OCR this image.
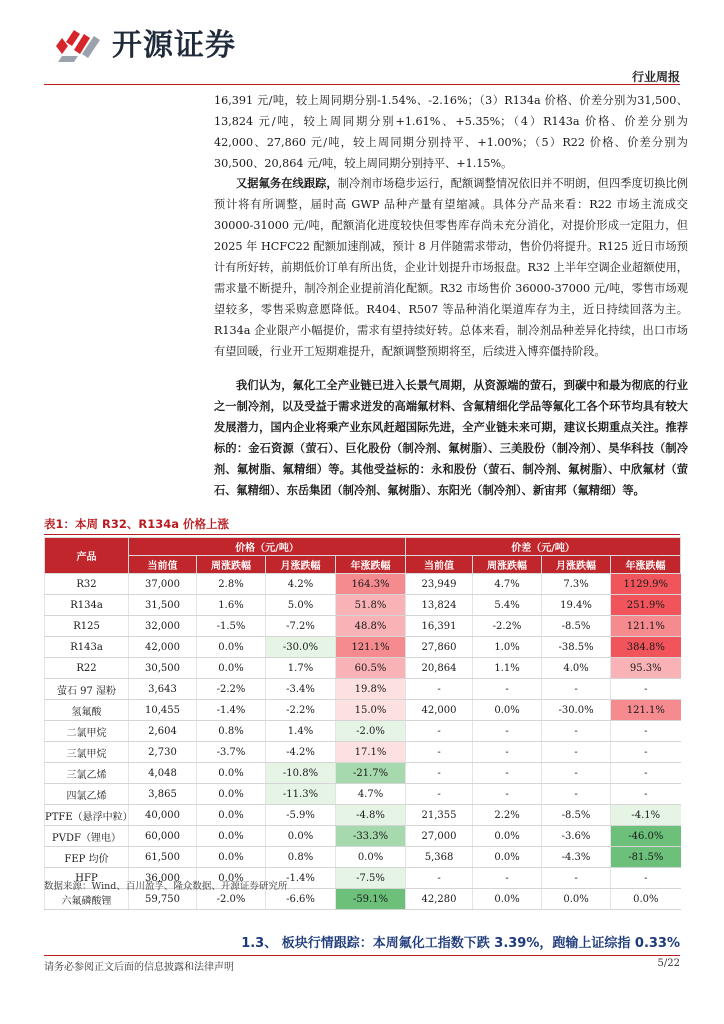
开源证券
行业周报
16,391 元/吨，较上周同期分别-1.54%、-2.16%；（3）R134a 价格、价差分别为31,500、13,824 元/吨，较上周同期分别+1.61%、+5.35%；（4）R143a 价格、价差分别为 42,000、27,860 元/吨，较上周同期分别持平、+1.00%；（5）R22 价格、价差分别为 30,500、20,864 元/吨，较上周同期分别持平、+1.15%。
又据氟务在线跟踪，制冷剂市场稳步运行，配额调整情况依旧并不明朗，但四季度切换比例预计将有所调整，届时高 GWP 品种产量有望缩减。具体分产品来看：R22 市场主流成交 30000-31000 元/吨，配额消化进度较快但零售库存尚未充分消化，对提价形成一定阻力，但 2025 年 HCFC22 配额加速削减，预计 8 月伴随需求带动，售价仍将提升。R125 近日市场预计有所好转，前期低价订单有所出货，企业计划提升市场报盘。R32 上半年空调企业超额使用，需求量不断提升，制冷剂企业提前消化配额。R32 市场售价 36000-37000 元/吨，零售市场观望较多，零售采购意愿降低。R404、R507 等品种消化渠道库存为主，近日持续回落为主。R134a 企业限产小幅提价，需求有望持续好转。总体来看，制冷剂品种差异化持续，出口市场有望回暖，行业开工短期难提升，配额调整预期将至，后续进入博弈僵持阶段。
我们认为，氟化工全产业链已进入长景气周期，从资源端的萤石，到碳中和最为彻底的行业之一制冷剂，以及受益于需求迸发的高端氟材料、含氟精细化学品等氟化工各个环节均具有较大发展潜力，国内企业将乘产业东风赶超国际先进，全产业链未来可期，建议长期重点关注。推荐标的：金石资源（萤石）、巨化股份（制冷剂、氟树脂）、三美股份（制冷剂）、昊华科技（制冷剂、氟树脂、氟精细）等。其他受益标的：永和股份（萤石、制冷剂、氟树脂）、中欣氟材（萤石、氟精细）、东岳集团（制冷剂、氟树脂）、东阳光（制冷剂）、新宙邦（氟精细）等。
表1：本周 R32、R134a 价格上涨
产品	价格（元/吨）				价差（元/吨）			
	当前值	周涨跌幅	月涨跌幅	年涨跌幅	当前值	周涨跌幅	月涨跌幅	年涨跌幅
R32	37,000	2.8%	4.2%	164.3%	23,949	4.7%	7.3%	1129.9%
R134a	31,500	1.6%	5.0%	51.8%	13,824	5.4%	19.4%	251.9%
R125	32,000	-1.5%	-7.2%	48.8%	16,391	-2.2%	-8.5%	121.1%
R143a	42,000	0.0%	-30.0%	121.1%	27,860	1.0%	-38.5%	384.8%
R22	30,500	0.0%	1.7%	60.5%	20,864	1.1%	4.0%	95.3%
萤石 97 湿粉	3,643	-2.2%	-3.4%	19.8%	-	-	-	-
氢氟酸	10,455	-1.4%	-2.2%	15.0%	42,000	0.0%	-30.0%	121.1%
二氯甲烷	2,604	0.8%	1.4%	-2.0%	-	-	-	-
三氯甲烷	2,730	-3.7%	-4.2%	17.1%	-	-	-	-
三氯乙烯	4,048	0.0%	-10.8%	-21.7%	-	-	-	-
四氯乙烯	3,865	0.0%	-11.3%	4.7%	-	-	-	-
PTFE（悬浮中粒）	40,000	0.0%	-5.9%	-4.8%	21,355	2.2%	-8.5%	-4.1%
PVDF（锂电）	60,000	0.0%	0.0%	-33.3%	27,000	0.0%	-3.6%	-46.0%
FEP 均价	61,500	0.0%	0.8%	0.0%	5,368	0.0%	-4.3%	-81.5%
HFP	36,000	0.0%	-1.4%	-7.5%	-	-	-	-
六氟磷酸锂	59,750	-2.0%	-6.6%	-59.1%	42,280	0.0%	0.0%	0.0%
数据来源：Wind、百川盈孚、隆众数据、开源证券研究所
1.3、 板块行情跟踪：本周氟化工指数下跌 3.39%，跑输上证综指 0.33%
请务必参阅正文后面的信息披露和法律声明	5/22
